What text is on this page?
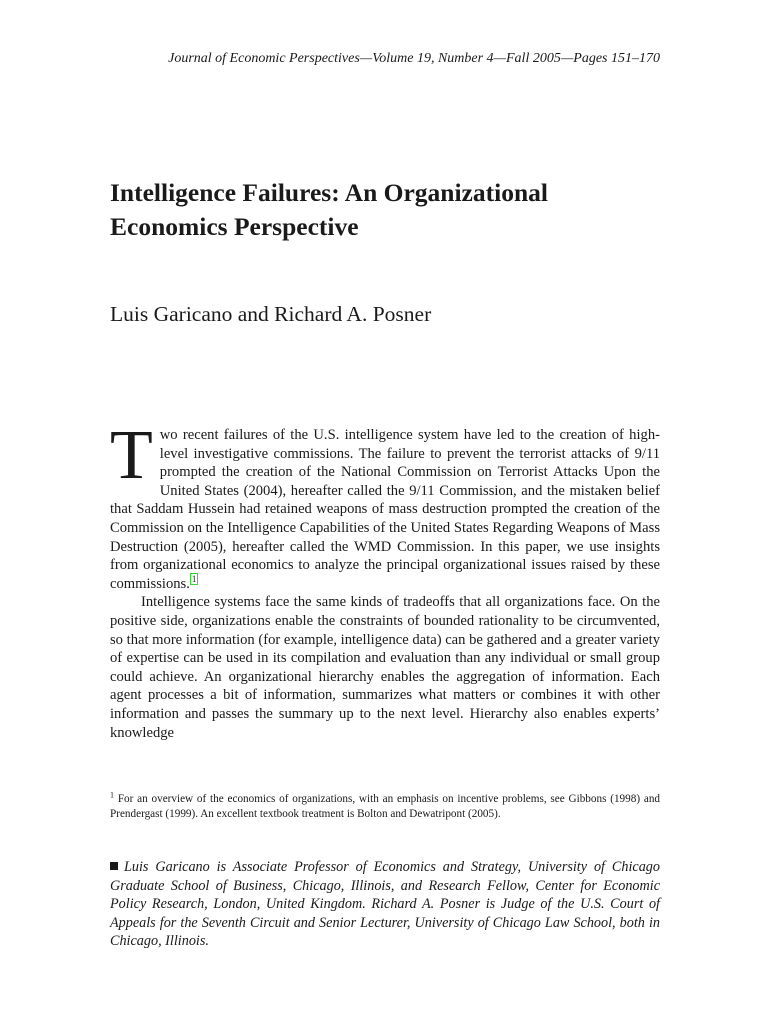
Journal of Economic Perspectives—Volume 19, Number 4—Fall 2005—Pages 151–170
Intelligence Failures: An Organizational
Economics Perspective
Luis Garicano and Richard A. Posner

Two recent failures of the U.S. intelligence system have led to the creation of high-level investigative commissions. The failure to prevent the terrorist attacks of 9/11 prompted the creation of the National Commission on Terrorist Attacks Upon the United States (2004), hereafter called the 9/11 Commission, and the mistaken belief that Saddam Hussein had retained weapons of mass destruction prompted the creation of the Commission on the Intelligence Capabilities of the United States Regarding Weapons of Mass Destruction (2005), hereafter called the WMD Commission. In this paper, we use insights from organizational economics to analyze the principal organizational issues raised by these commissions. $^1$

Intelligence systems face the same kinds of tradeoffs that all organizations face. On the positive side, organizations enable the constraints of bounded rationality to be circumvented, so that more information (for example, intelligence data) can be gathered and a greater variety of expertise can be used in its compilation and evaluation than any individual or small group could achieve. An organizational hierarchy enables the aggregation of information. Each agent processes a bit of information, summarizes what matters or combines it with other information and passes the summary up to the next level. Hierarchy also enables experts’ knowledge

$^1$ For an overview of the economics of organizations, with an emphasis on incentive problems, see Gibbons (1998) and Prendergast (1999). An excellent textbook treatment is Bolton and Dewatripont (2005).
Luis Garicano is Associate Professor of Economics and Strategy, University of Chicago Graduate School of Business, Chicago, Illinois, and Research Fellow, Center for Economic Policy Research, London, United Kingdom. Richard A. Posner is Judge of the U.S. Court of Appeals for the Seventh Circuit and Senior Lecturer, University of Chicago Law School, both in Chicago, Illinois.
